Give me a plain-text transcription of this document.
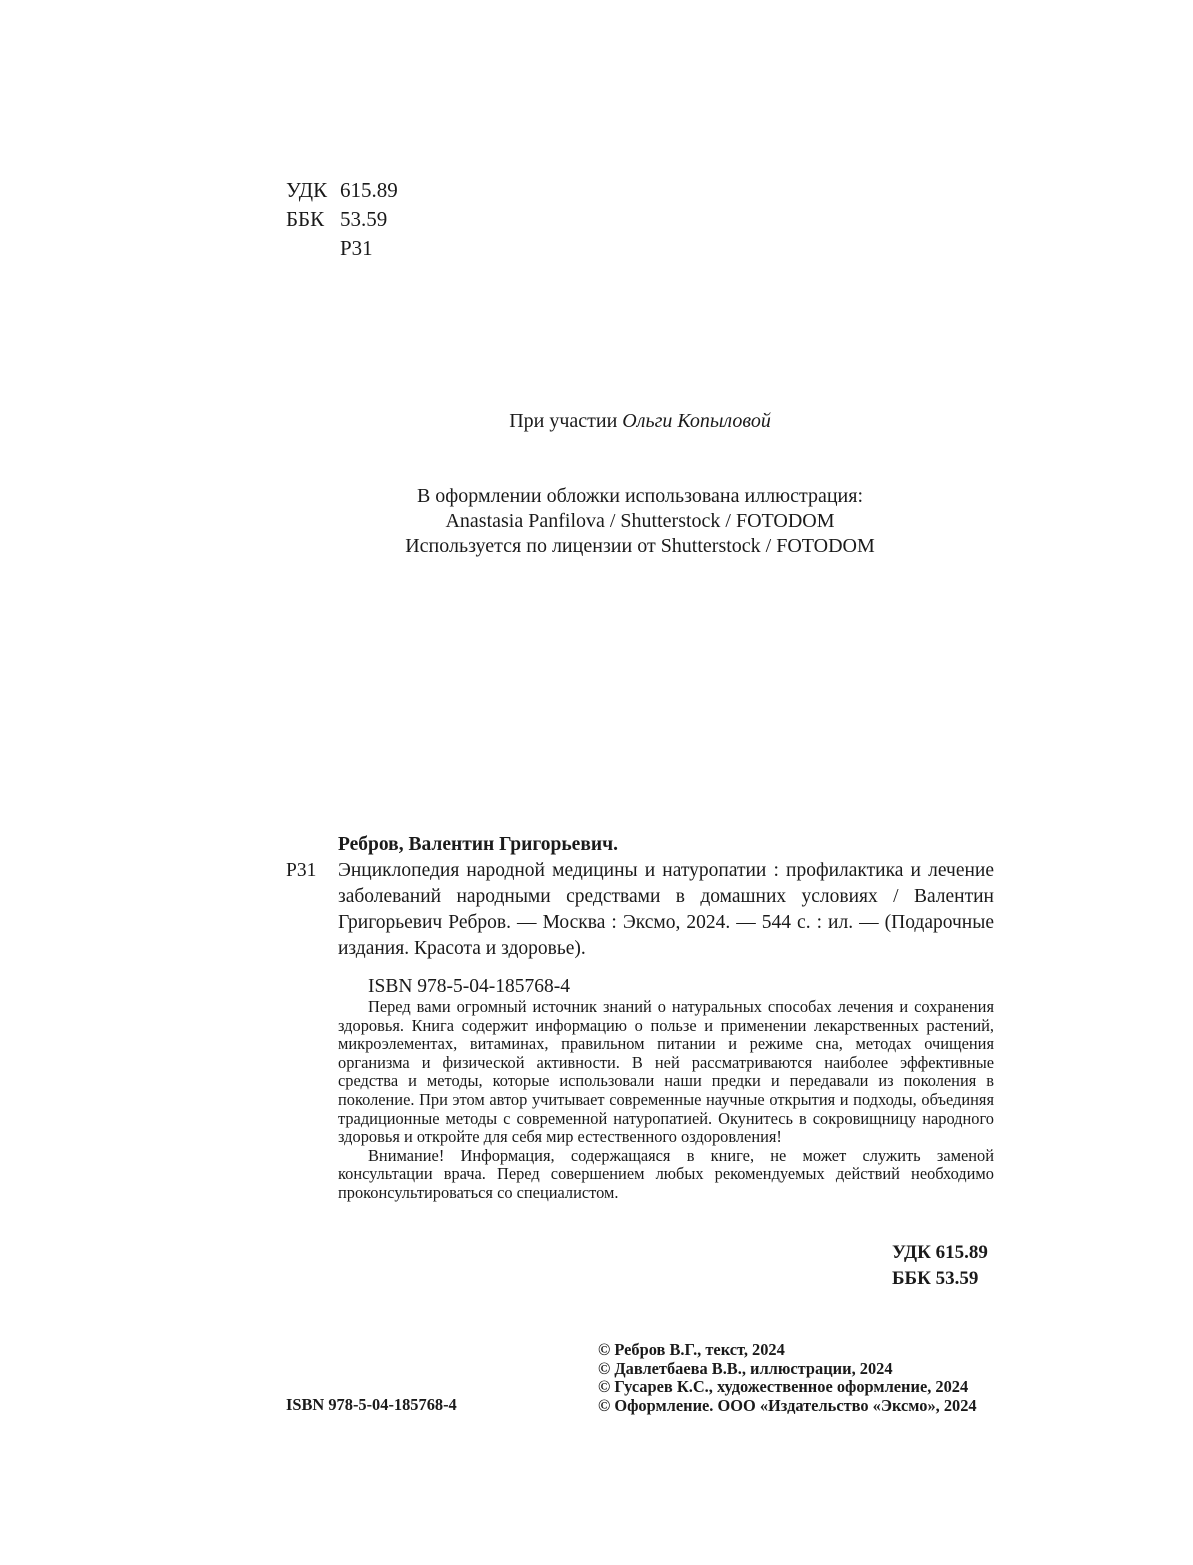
УДК 615.89
ББК 53.59
Р31
При участии Ольги Копыловой
В оформлении обложки использована иллюстрация:
Anastasia Panfilova / Shutterstock / FOTODOM
Используется по лицензии от Shutterstock / FOTODOM
Ребров, Валентин Григорьевич.
Р31	Энциклопедия народной медицины и натуропатии : профилактика и лечение заболеваний народными средствами в домашних условиях / Валентин Григорьевич Ребров. — Москва : Эксмо, 2024. — 544 с. : ил. — (Подарочные издания. Красота и здоровье).
ISBN 978-5-04-185768-4

Перед вами огромный источник знаний о натуральных способах лечения и сохранения здоровья. Книга содержит информацию о пользе и применении лекарственных растений, микроэлементах, витаминах, правильном питании и режиме сна, методах очищения организма и физической активности. В ней рассматриваются наиболее эффективные средства и методы, которые использовали наши предки и передавали из поколения в поколение. При этом автор учитывает современные научные открытия и подходы, объединяя традиционные методы с современной натуропатией. Окунитесь в сокровищницу народного здоровья и откройте для себя мир естественного оздоровления!

Внимание! Информация, содержащаяся в книге, не может служить заменой консультации врача. Перед совершением любых рекомендуемых действий необходимо проконсультироваться со специалистом.

УДК 615.89
ББК 53.59
ISBN 978-5-04-185768-4
© Ребров В.Г., текст, 2024
© Давлетбаева В.В., иллюстрации, 2024
© Гусарев К.С., художественное оформление, 2024
© Оформление. ООО «Издательство «Эксмо», 2024
